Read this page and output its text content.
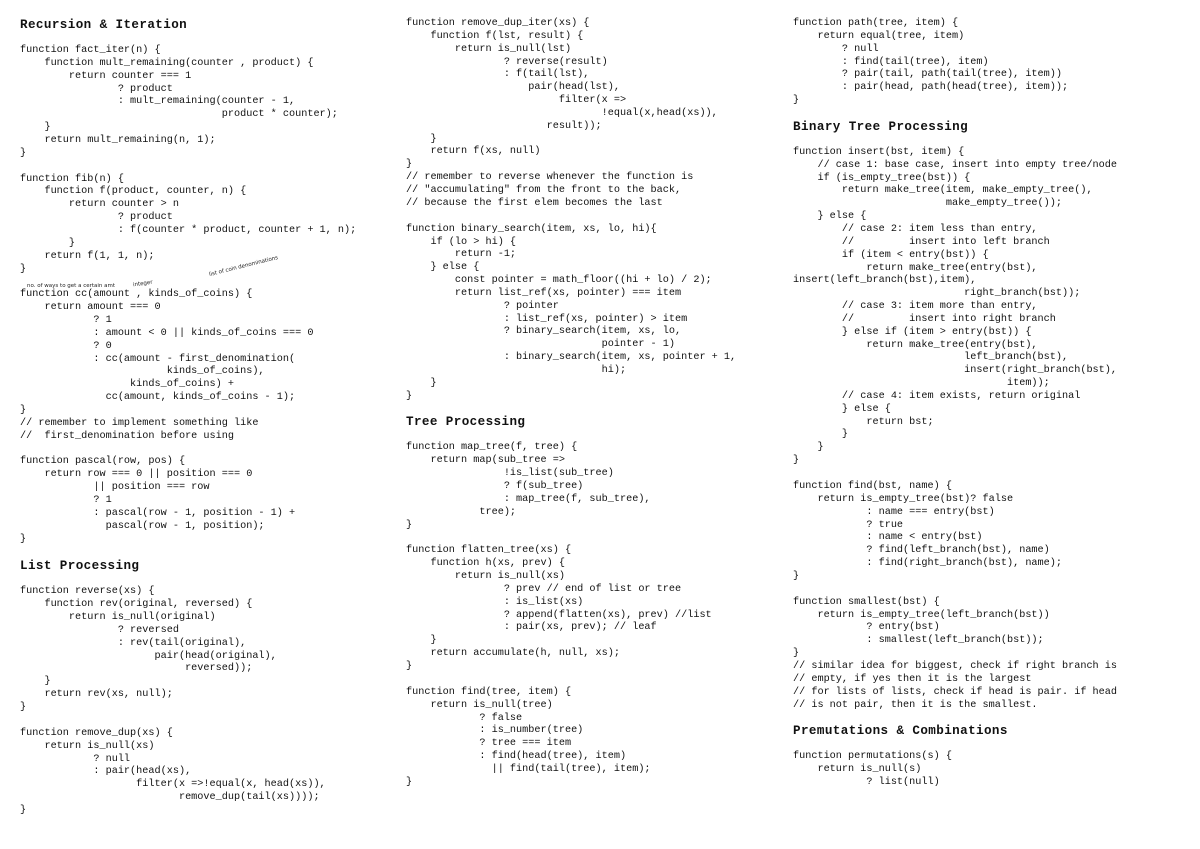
Recursion & Iteration
function fact_iter(n) {
function mult_remaining(counter , product) {
return counter === 1
? product
: mult_remaining(counter - 1,
product * counter);
}
return mult_remaining(n, 1);
}
function fib(n) {
function f(product, counter, n) {
return counter > n
? product
: f(counter * product, counter + 1, n);
}
return f(1, 1, n);
}
function cc(amount , kinds_of_coins) {
return amount === 0
? 1
: amount < 0 || kinds_of_coins === 0
? 0
: cc(amount - first_denomination(
kinds_of_coins),
kinds_of_coins) +
cc(amount, kinds_of_coins - 1);
}
// remember to implement something like
//  first_denomination before using
function pascal(row, pos) {
return row === 0 || position === 0
|| position === row
? 1
: pascal(row - 1, position - 1) +
pascal(row - 1, position);
}
List Processing
function reverse(xs) {
function rev(original, reversed) {
return is_null(original)
? reversed
: rev(tail(original),
pair(head(original),
reversed));
}
return rev(xs, null);
}
function remove_dup(xs) {
return is_null(xs)
? null
: pair(head(xs),
filter(x =>!equal(x, head(xs)),
remove_dup(tail(xs))));
}
function remove_dup_iter(xs) {
function f(lst, result) {
return is_null(lst)
? reverse(result)
: f(tail(lst),
pair(head(lst),
filter(x =>
!equal(x,head(xs)),
result));
}
return f(xs, null)
}
// remember to reverse whenever the function is
// "accumulating" from the front to the back,
// because the first elem becomes the last
function binary_search(item, xs, lo, hi){
if (lo > hi) {
return -1;
} else {
const pointer = math_floor((hi + lo) / 2);
return list_ref(xs, pointer) === item
? pointer
: list_ref(xs, pointer) > item
? binary_search(item, xs, lo,
pointer - 1)
: binary_search(item, xs, pointer + 1,
hi);
}
}
Tree Processing
function map_tree(f, tree) {
return map(sub_tree =>
!is_list(sub_tree)
? f(sub_tree)
: map_tree(f, sub_tree),
tree);
}
function flatten_tree(xs) {
function h(xs, prev) {
return is_null(xs)
? prev // end of list or tree
: is_list(xs)
? append(flatten(xs), prev) //list
: pair(xs, prev); // leaf
}
return accumulate(h, null, xs);
}
function find(tree, item) {
return is_null(tree)
? false
: is_number(tree)
? tree === item
: find(head(tree), item)
|| find(tail(tree), item);
}
function path(tree, item) {
return equal(tree, item)
? null
: find(tail(tree), item)
? pair(tail, path(tail(tree), item))
: pair(head, path(head(tree), item));
}
Binary Tree Processing
function insert(bst, item) {
// case 1: base case, insert into empty tree/node
if (is_empty_tree(bst)) {
return make_tree(item, make_empty_tree(),
make_empty_tree());
} else {
// case 2: item less than entry,
//         insert into left branch
if (item < entry(bst)) {
return make_tree(entry(bst),
insert(left_branch(bst),item),
right_branch(bst));
// case 3: item more than entry,
//         insert into right branch
} else if (item > entry(bst)) {
return make_tree(entry(bst),
left_branch(bst),
insert(right_branch(bst),
item));
// case 4: item exists, return original
} else {
return bst;
}
}
}
function find(bst, name) {
return is_empty_tree(bst)? false
: name === entry(bst)
? true
: name < entry(bst)
? find(left_branch(bst), name)
: find(right_branch(bst), name);
}
function smallest(bst) {
return is_empty_tree(left_branch(bst))
? entry(bst)
: smallest(left_branch(bst));
}
// similar idea for biggest, check if right branch is
// empty, if yes then it is the largest
// for lists of lists, check if head is pair. if head
// is not pair, then it is the smallest.
Premutations & Combinations
function permutations(s) {
return is_null(s)
? list(null)
no. of ways to get a certain amt	integer
list of coin denominations
